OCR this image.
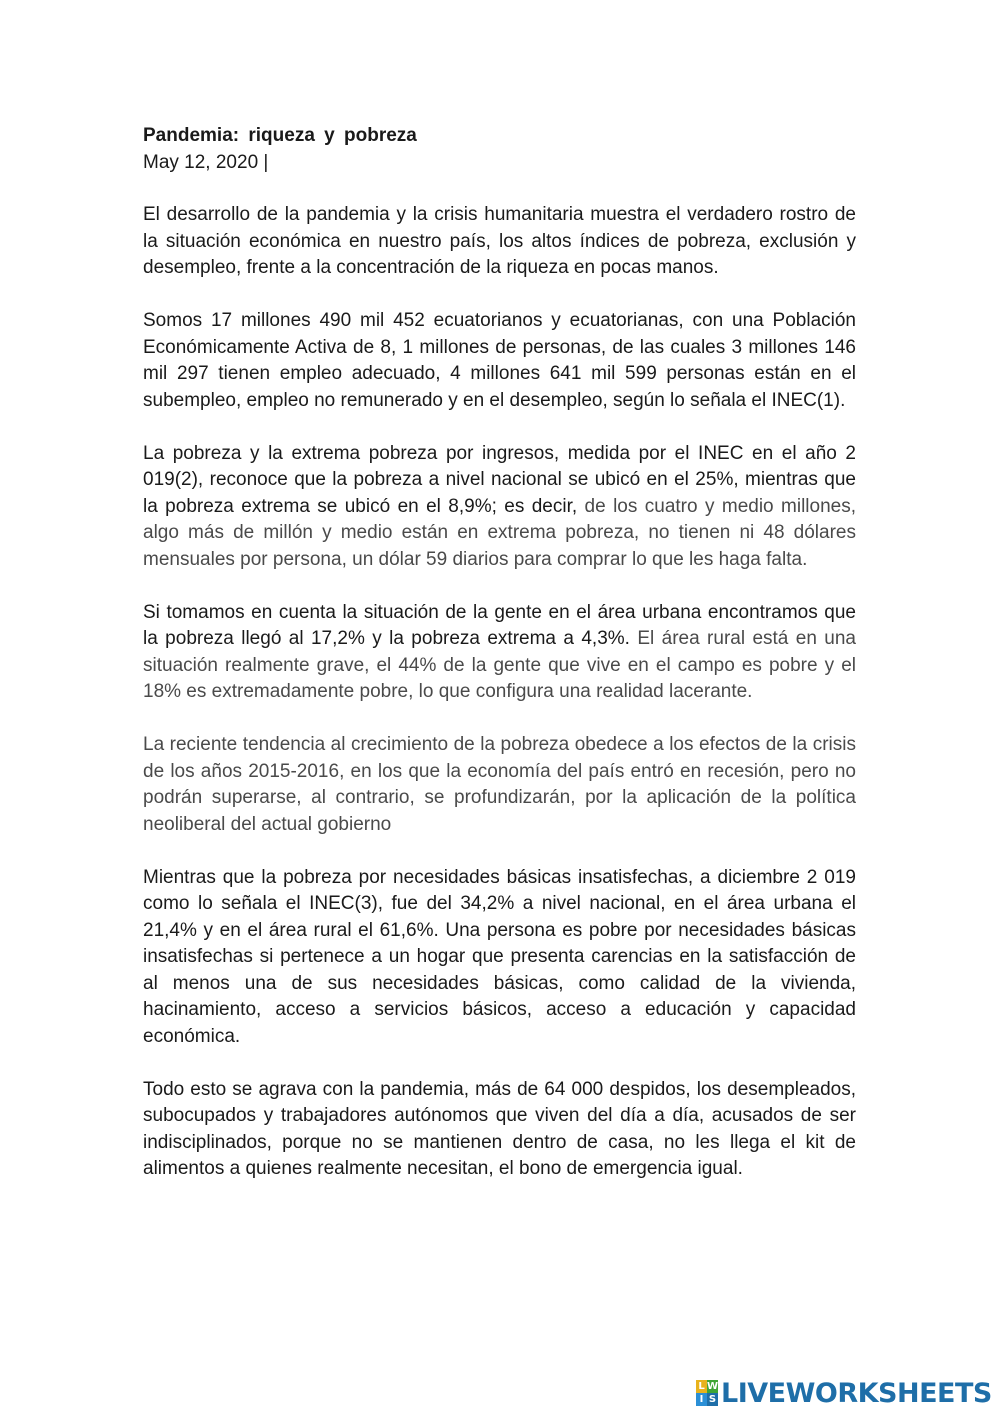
Pandemia: riqueza y pobreza

May 12, 2020 |

El desarrollo de la pandemia y la crisis humanitaria muestra el verdadero rostro de la situación económica en nuestro país, los altos índices de pobreza, exclusión y desempleo, frente a la concentración de la riqueza en pocas manos.

Somos 17 millones 490 mil 452 ecuatorianos y ecuatorianas, con una Población Económicamente Activa de 8, 1 millones de personas, de las cuales 3 millones 146 mil 297 tienen empleo adecuado, 4 millones 641 mil 599 personas están en el subempleo, empleo no remunerado y en el desempleo, según lo señala el INEC(1).

La pobreza y la extrema pobreza por ingresos, medida por el INEC en el año 2 019(2), reconoce que la pobreza a nivel nacional se ubicó en el 25%, mientras que la pobreza extrema se ubicó en el 8,9%; es decir, de los cuatro y medio millones, algo más de millón y medio están en extrema pobreza, no tienen ni 48 dólares mensuales por persona, un dólar 59 diarios para comprar lo que les haga falta.

Si tomamos en cuenta la situación de la gente en el área urbana encontramos que la pobreza llegó al 17,2% y la pobreza extrema a 4,3%. El área rural está en una situación realmente grave, el 44% de la gente que vive en el campo es pobre y el 18% es extremadamente pobre, lo que configura una realidad lacerante.

La reciente tendencia al crecimiento de la pobreza obedece a los efectos de la crisis de los años 2015-2016, en los que la economía del país entró en recesión, pero no podrán superarse, al contrario, se profundizarán, por la aplicación de la política neoliberal del actual gobierno

Mientras que la pobreza por necesidades básicas insatisfechas, a diciembre 2 019 como lo señala el INEC(3), fue del 34,2% a nivel nacional, en el área urbana el 21,4% y en el área rural el 61,6%. Una persona es pobre por necesidades básicas insatisfechas si pertenece a un hogar que presenta carencias en la satisfacción de al menos una de sus necesidades básicas, como calidad de la vivienda, hacinamiento, acceso a servicios básicos, acceso a educación y capacidad económica.

Todo esto se agrava con la pandemia, más de 64 000 despidos, los desempleados, subocupados y trabajadores autónomos que viven del día a día, acusados de ser indisciplinados, porque no se mantienen dentro de casa, no les llega el kit de alimentos a quienes realmente necesitan, el bono de emergencia igual.

L W
I S LIVEWORKSHEETS
